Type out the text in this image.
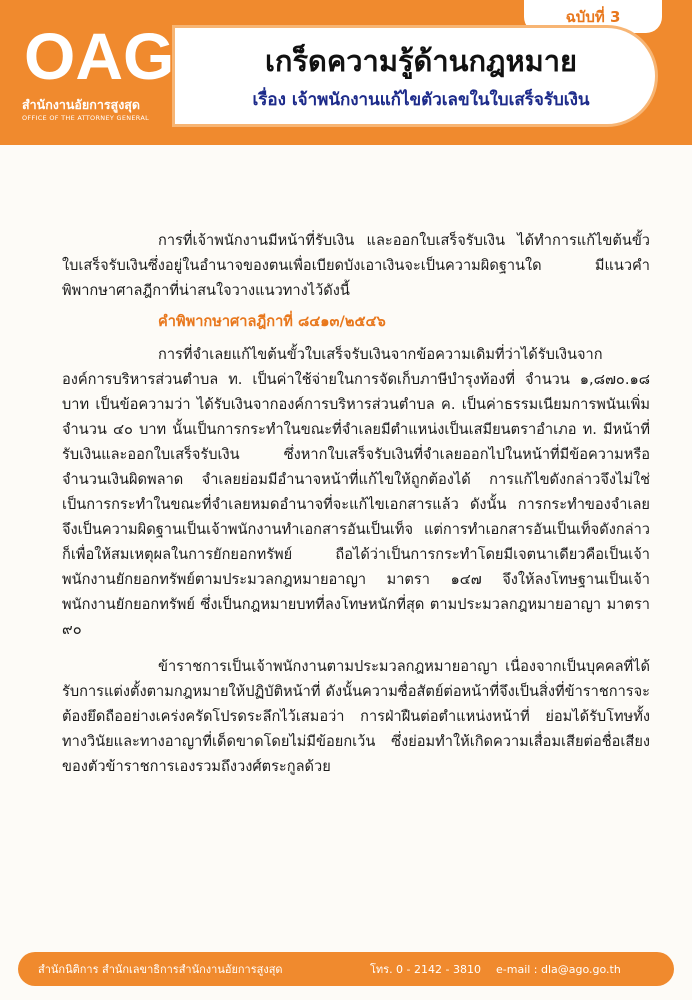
ฉบับที่ 3
OAG
สำนักงานอัยการสูงสุด
OFFICE OF THE ATTORNEY GENERAL
เกร็ดความรู้ด้านกฎหมาย
เรื่อง เจ้าพนักงานแก้ไขตัวเลขในใบเสร็จรับเงิน

การที่เจ้าพนักงานมีหน้าที่รับเงิน และออกใบเสร็จรับเงิน ได้ทำการแก้ไขต้นขั้วใบเสร็จรับเงินซึ่งอยู่ในอำนาจของตนเพื่อเบียดบังเอาเงินจะเป็นความผิดฐานใด มีแนวคำพิพากษาศาลฎีกาที่น่าสนใจวางแนวทางไว้ดังนี้

คำพิพากษาศาลฎีกาที่ ๘๔๑๓/๒๕๔๖

การที่จำเลยแก้ไขต้นขั้วใบเสร็จรับเงินจากข้อความเดิมที่ว่าได้รับเงินจากองค์การบริหารส่วนตำบล ท. เป็นค่าใช้จ่ายในการจัดเก็บภาษีบำรุงท้องที่ จำนวน ๑,๘๗๐.๑๘ บาท เป็นข้อความว่า ได้รับเงินจากองค์การบริหารส่วนตำบล ค. เป็นค่าธรรมเนียมการพนันเพิ่มจำนวน ๔๐ บาท นั้นเป็นการกระทำในขณะที่จำเลยมีตำแหน่งเป็นเสมียนตราอำเภอ ท. มีหน้าที่รับเงินและออกใบเสร็จรับเงิน ซึ่งหากใบเสร็จรับเงินที่จำเลยออกไปในหน้าที่มีข้อความหรือจำนวนเงินผิดพลาด จำเลยย่อมมีอำนาจหน้าที่แก้ไขให้ถูกต้องได้ การแก้ไขดังกล่าวจึงไม่ใช่เป็นการกระทำในขณะที่จำเลยหมดอำนาจที่จะแก้ไขเอกสารแล้ว ดังนั้น การกระทำของจำเลยจึงเป็นความผิดฐานเป็นเจ้าพนักงานทำเอกสารอันเป็นเท็จ แต่การทำเอกสารอันเป็นเท็จดังกล่าว ก็เพื่อให้สมเหตุผลในการยักยอกทรัพย์ ถือได้ว่าเป็นการกระทำโดยมีเจตนาเดียวคือเป็นเจ้าพนักงานยักยอกทรัพย์ตามประมวลกฎหมายอาญา มาตรา ๑๔๗ จึงให้ลงโทษฐานเป็นเจ้าพนักงานยักยอกทรัพย์ ซึ่งเป็นกฎหมายบทที่ลงโทษหนักที่สุด ตามประมวลกฎหมายอาญา มาตรา ๙๐

ข้าราชการเป็นเจ้าพนักงานตามประมวลกฎหมายอาญา เนื่องจากเป็นบุคคลที่ได้รับการแต่งตั้งตามกฎหมายให้ปฏิบัติหน้าที่ ดังนั้นความซื่อสัตย์ต่อหน้าที่จึงเป็นสิ่งที่ข้าราชการจะต้องยึดถืออย่างเคร่งครัดโปรดระลึกไว้เสมอว่า การฝ่าฝืนต่อตำแหน่งหน้าที่ ย่อมได้รับโทษทั้งทางวินัยและทางอาญาที่เด็ดขาดโดยไม่มีข้อยกเว้น ซึ่งย่อมทำให้เกิดความเสื่อมเสียต่อชื่อเสียงของตัวข้าราชการเองรวมถึงวงศ์ตระกูลด้วย

สำนักนิติการ สำนักเลขาธิการสำนักงานอัยการสูงสุด	โทร. 0 - 2142 - 3810 e-mail : dla@ago.go.th
